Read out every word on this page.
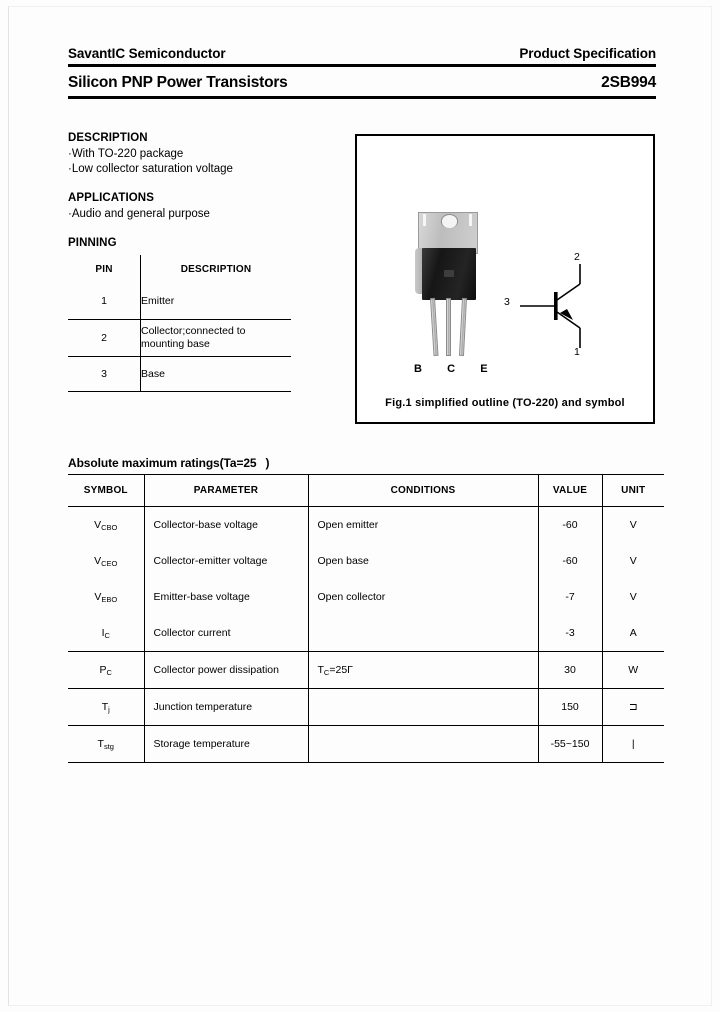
SavantIC Semiconductor	Product Specification
Silicon PNP Power Transistors	2SB994
DESCRIPTION

·With TO-220 package

·Low collector saturation voltage

APPLICATIONS

·Audio and general purpose

PINNING
PIN	DESCRIPTION
1	Emitter
2	Collector;connected to mounting base
3	Base	B C E
2
3
1
Fig.1 simplified outline (TO-220) and symbol
Absolute maximum ratings(Ta=25 )
SYMBOL	PARAMETER	CONDITIONS	VALUE	UNIT
$V_{CBO}$	Collector-base voltage	Open emitter	-60	V
$V_{CEO}$	Collector-emitter voltage	Open base	-60	V
$V_{EBO}$	Emitter-base voltage	Open collector	-7	V
$I_C$	Collector current		-3	A
$P_C$	Collector power dissipation	$T_C=25\Gamma$	30	W
$T_j$	Junction temperature		150	⊐
$T_{stg}$	Storage temperature		-55~150	|
